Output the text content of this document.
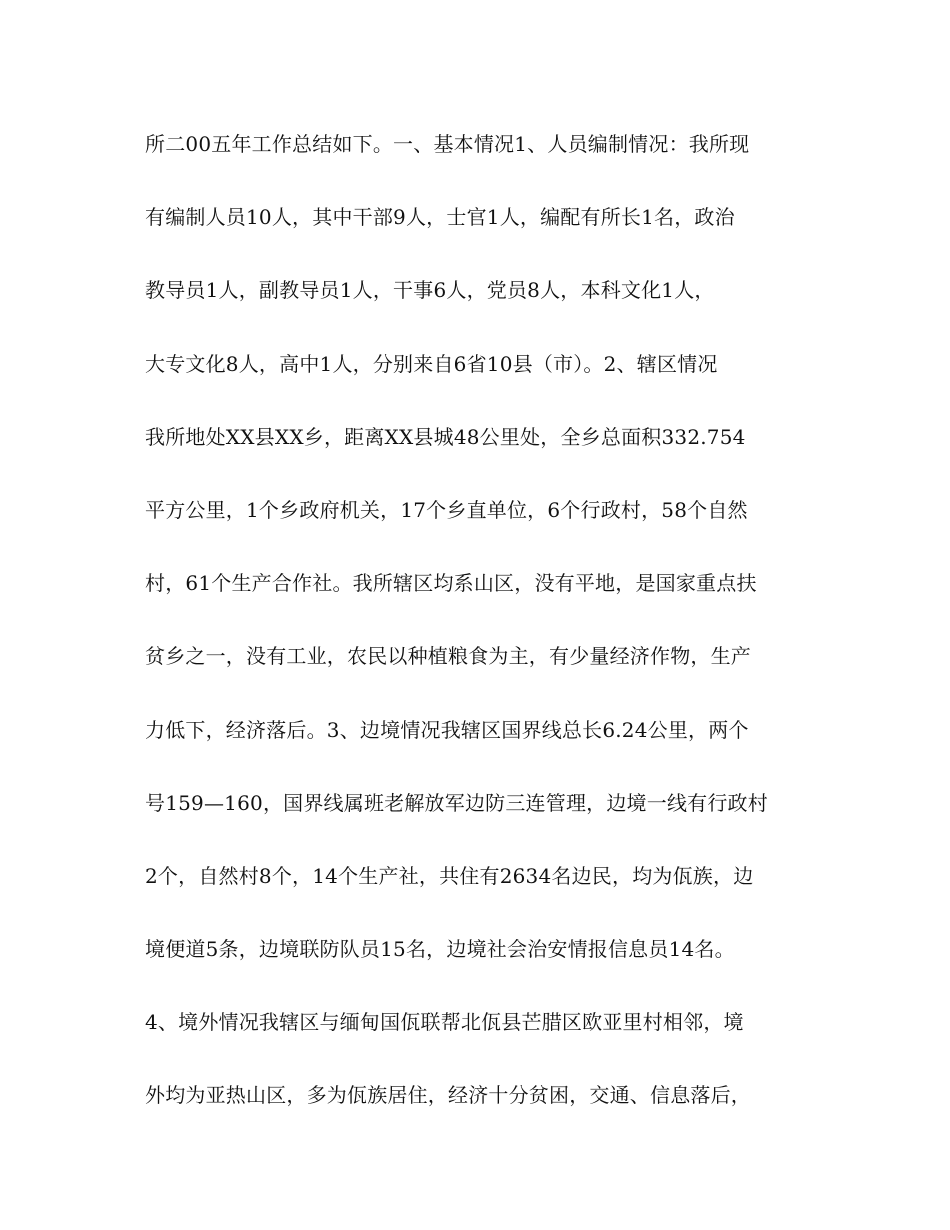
所二00五年工作总结如下。一、基本情况1、人员编制情况：我所现
有编制人员10人，其中干部9人，士官1人，编配有所长1名，政治
教导员1人，副教导员1人，干事6人，党员8人，本科文化1人，
大专文化8人，高中1人，分别来自6省10县（市）。2、辖区情况
我所地处XX县XX乡，距离XX县城48公里处，全乡总面积332.754
平方公里，1个乡政府机关，17个乡直单位，6个行政村，58个自然
村，61个生产合作社。我所辖区均系山区，没有平地，是国家重点扶
贫乡之一，没有工业，农民以种植粮食为主，有少量经济作物，生产
力低下，经济落后。3、边境情况我辖区国界线总长6.24公里，两个
号159—160，国界线属班老解放军边防三连管理，边境一线有行政村
2个，自然村8个，14个生产社，共住有2634名边民，均为佤族，边
境便道5条，边境联防队员15名，边境社会治安情报信息员14名。
4、境外情况我辖区与缅甸国佤联帮北佤县芒腊区欧亚里村相邻，境
外均为亚热山区，多为佤族居住，经济十分贫困，交通、信息落后，
